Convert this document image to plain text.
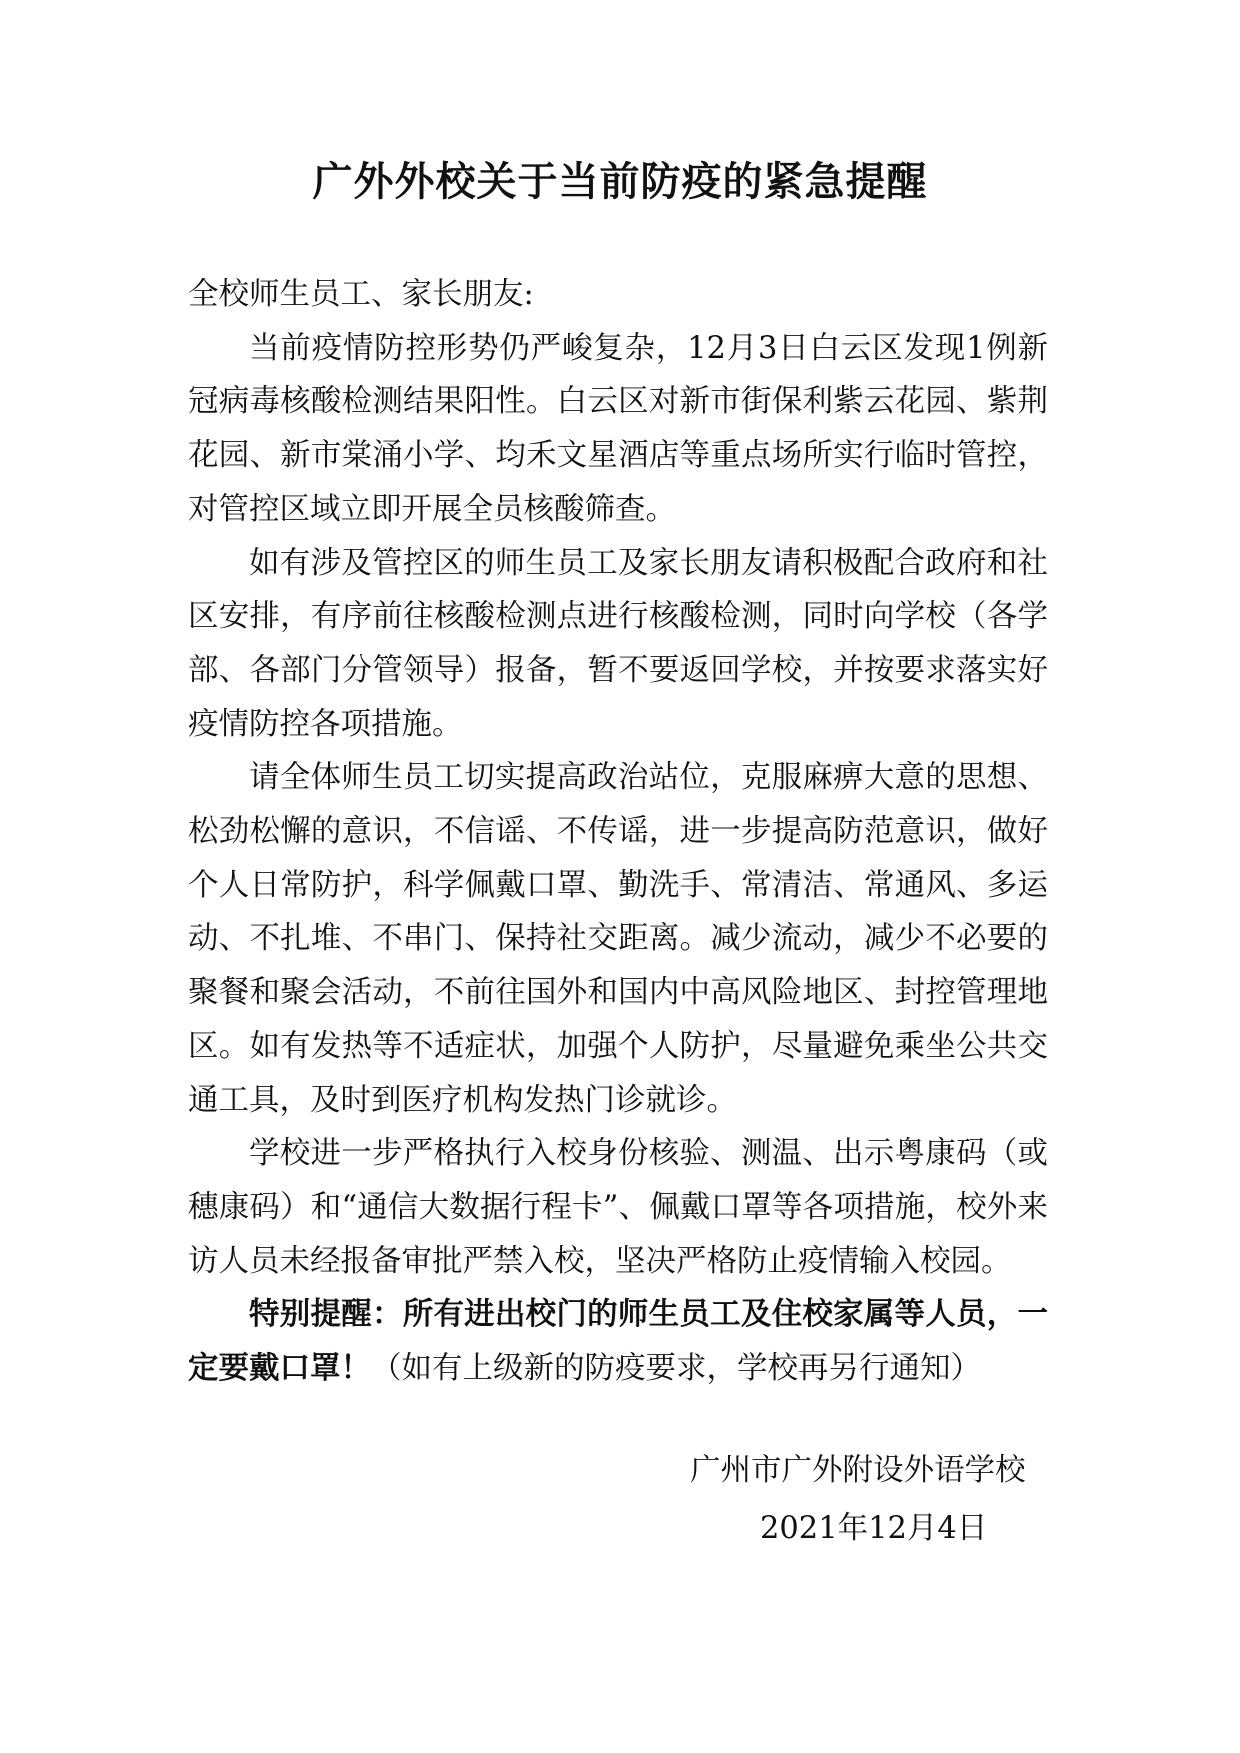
广外外校关于当前防疫的紧急提醒

全校师生员工、家长朋友:

当前疫情防控形势仍严峻复杂，12月3日白云区发现1例新冠病毒核酸检测结果阳性。白云区对新市街保利紫云花园、紫荆花园、新市棠涌小学、均禾文星酒店等重点场所实行临时管控，对管控区域立即开展全员核酸筛查。

如有涉及管控区的师生员工及家长朋友请积极配合政府和社区安排，有序前往核酸检测点进行核酸检测，同时向学校（各学部、各部门分管领导）报备，暂不要返回学校，并按要求落实好疫情防控各项措施。

请全体师生员工切实提高政治站位，克服麻痹大意的思想、松劲松懈的意识，不信谣、不传谣，进一步提高防范意识，做好个人日常防护，科学佩戴口罩、勤洗手、常清洁、常通风、多运动、不扎堆、不串门、保持社交距离。减少流动，减少不必要的聚餐和聚会活动，不前往国外和国内中高风险地区、封控管理地区。如有发热等不适症状，加强个人防护，尽量避免乘坐公共交通工具，及时到医疗机构发热门诊就诊。

学校进一步严格执行入校身份核验、测温、出示粤康码（或穗康码）和“通信大数据行程卡”、佩戴口罩等各项措施，校外来访人员未经报备审批严禁入校，坚决严格防止疫情输入校园。

特别提醒：所有进出校门的师生员工及住校家属等人员，一定要戴口罩！（如有上级新的防疫要求，学校再另行通知）

广州市广外附设外语学校
2021年12月4日
